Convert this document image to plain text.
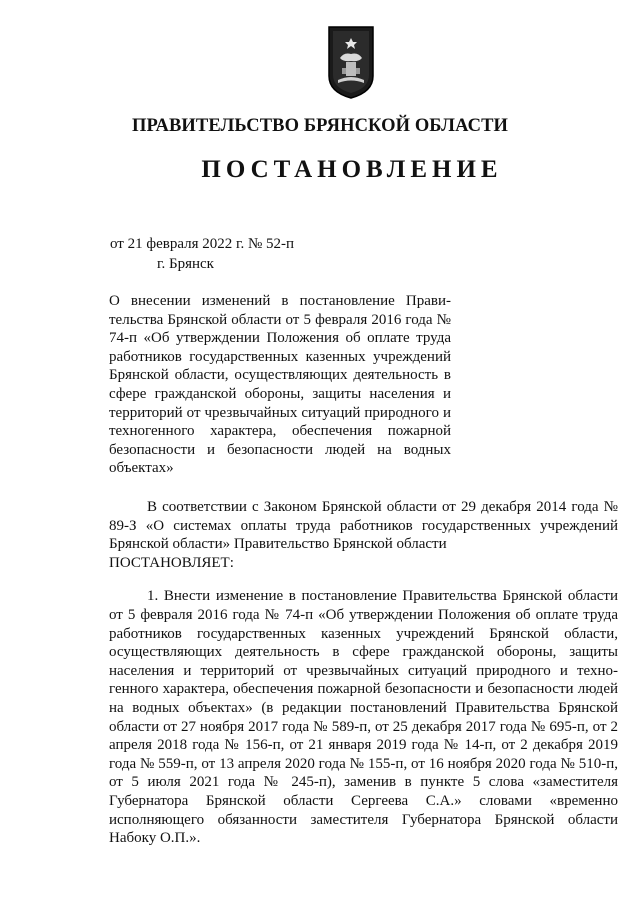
ПРАВИТЕЛЬСТВО БРЯНСКОЙ ОБЛАСТИ
ПОСТАНОВЛЕНИЕ
от 21 февраля 2022 г. № 52-п
г. Брянск
О внесении изменений в постановление Правительства Брянской области от 5 февраля 2016 года № 74-п «Об утверждении Положения об оплате труда работников государственных казенных учреждений Брянской области, осуществляющих деятельность в сфере гражданской обороны, защиты населения и территорий от чрезвычайных ситуаций природного и техногенного характера, обеспечения пожарной безопасности и безопасности людей на водных объектах»

В соответствии с Законом Брянской области от 29 декабря 2014 года № 89-З «О системах оплаты труда работников государственных учреждений Брянской области» Правительство Брянской области

ПОСТАНОВЛЯЕТ:

1. Внести изменение в постановление Правительства Брянской области от 5 февраля 2016 года № 74-п «Об утверждении Положения об оплате труда работников государственных казенных учреждений Брянской области, осуществляющих деятельность в сфере гражданской обороны, защиты населения и территорий от чрезвычайных ситуаций природного и техногенного характера, обеспечения пожарной безопасности и безопасности людей на водных объектах» (в редакции постановлений Правительства Брянской области от 27 ноября 2017 года № 589-п, от 25 декабря 2017 года № 695-п, от 2 апреля 2018 года № 156-п, от 21 января 2019 года № 14-п, от 2 декабря 2019 года № 559-п, от 13 апреля 2020 года № 155-п, от 16 ноября 2020 года № 510-п, от 5 июля 2021 года № 245-п), заменив в пункте 5 слова «заместителя Губернатора Брянской области Сергеева С.А.» словами «временно исполняющего обязанности заместителя Губернатора Брянской области Набоку О.П.».
